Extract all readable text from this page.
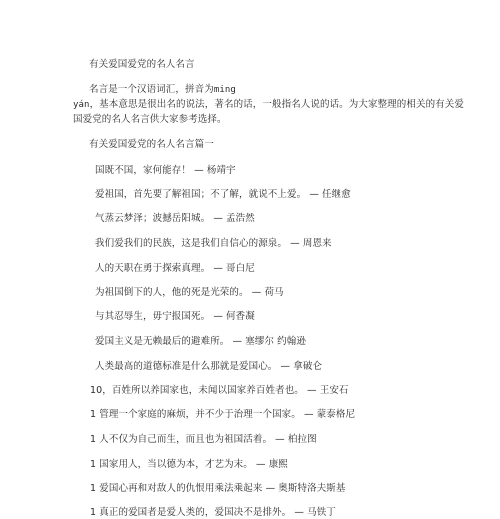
有关爱国爱党的名人名言
名言是一个汉语词汇，拼音为ming
yán，基本意思是很出名的说法，著名的话，一般指名人说的话。为大家整理的相关的有关爱
国爱党的名人名言供大家参考选择。
有关爱国爱党的名人名言篇一
国既不国，家何能存！ — 杨靖宇
爱祖国，首先要了解祖国；不了解，就说不上爱。 — 任继愈
气蒸云梦泽；波撼岳阳城。 — 孟浩然
我们爱我们的民族，这是我们自信心的源泉。 — 周恩来
人的天职在勇于探索真理。 — 哥白尼
为祖国倒下的人，他的死是光荣的。 — 荷马
与其忍辱生，毋宁报国死。 — 何香凝
爱国主义是无赖最后的避难所。 — 塞缪尔 约翰逊
人类最高的道德标准是什么那就是爱国心。 — 拿破仑
10，百姓所以养国家也，未闻以国家养百姓者也。 — 王安石
1 管理一个家庭的麻烦，并不少于治理一个国家。 — 蒙泰格尼
1 人不仅为自己而生，而且也为祖国活着。 — 柏拉图
1 国家用人，当以德为本，才艺为末。 — 康熙
1 爱国心再和对敌人的仇恨用乘法乘起来 — 奥斯特洛夫斯基
1 真正的爱国者是爱人类的，爱国决不是排外。 — 马铁丁
